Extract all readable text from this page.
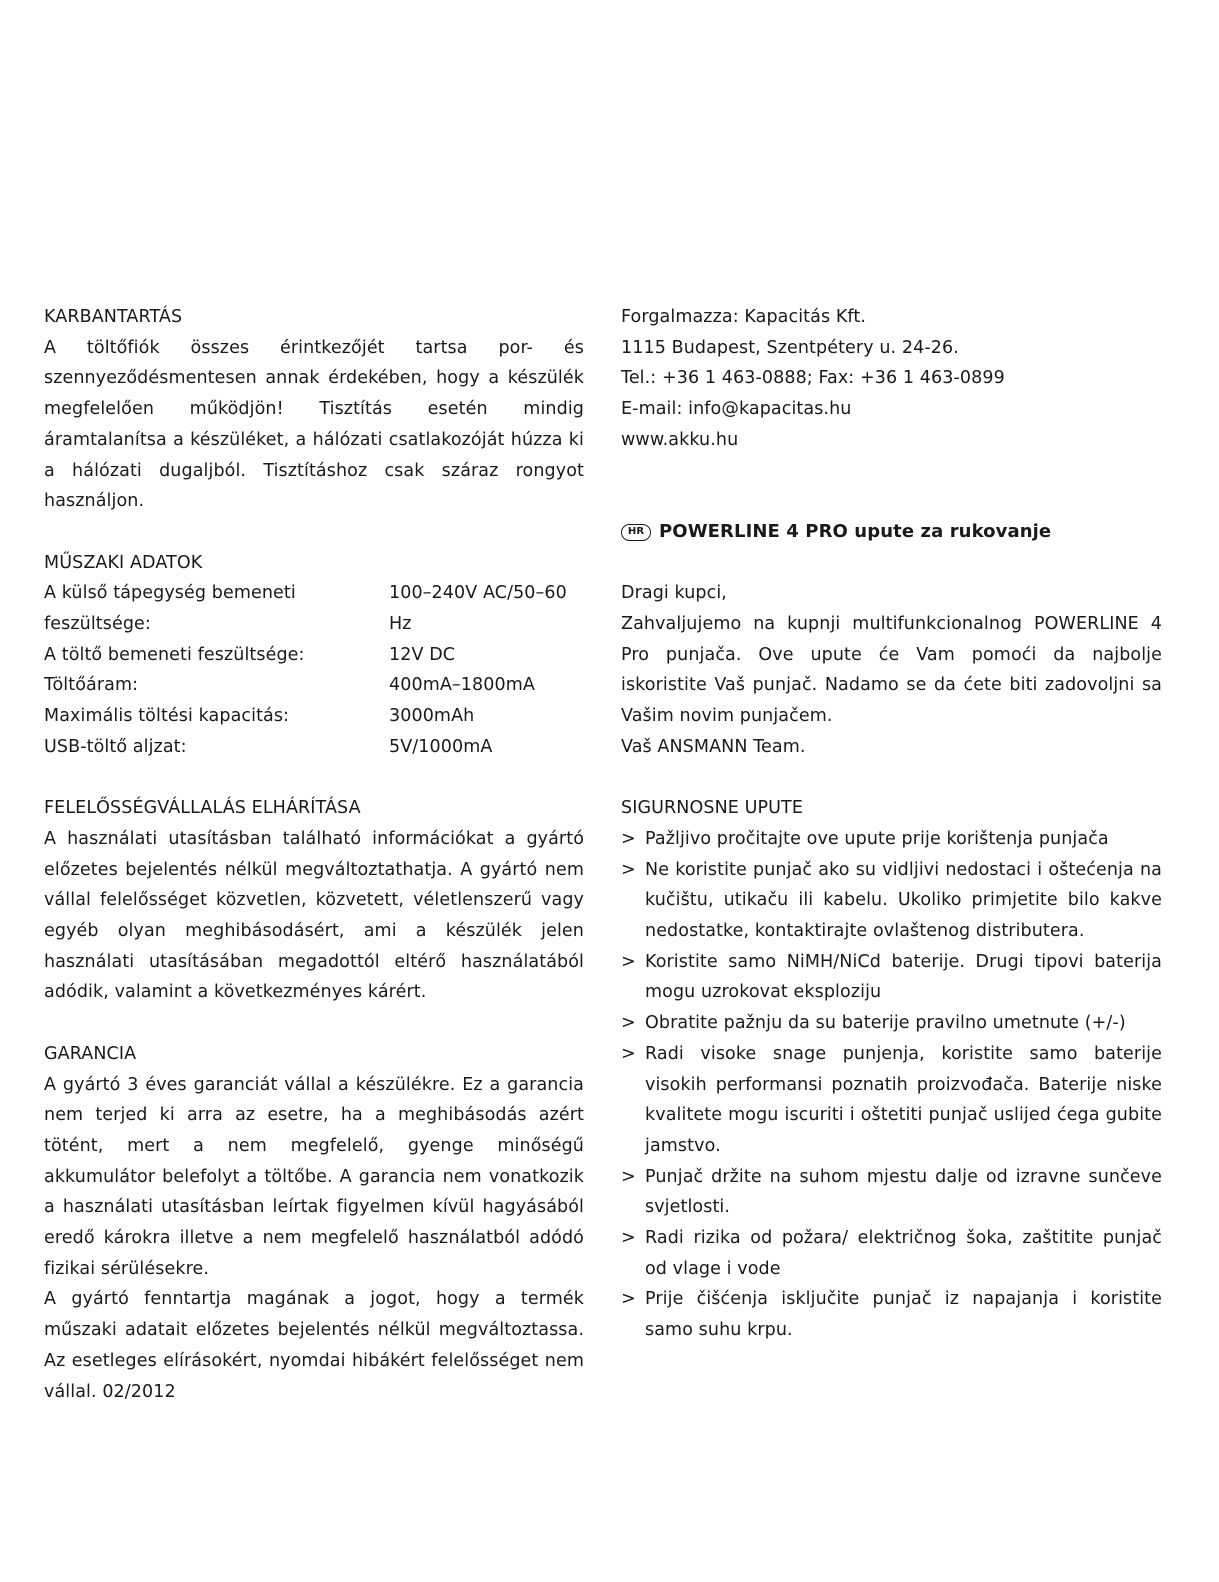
KARBANTARTÁS

A töltőfiók összes érintkezőjét tartsa por- és szennyeződésmentesen annak érdekében, hogy a készülék megfelelően működjön! Tisztítás esetén mindig áramtalanítsa a készüléket, a hálózati csatlakozóját húzza ki a hálózati dugaljból. Tisztításhoz csak száraz rongyot használjon.

MŰSZAKI ADATOK
A külső tápegység bemeneti feszültsége:
100–240V AC/50–60 Hz
A töltő bemeneti feszültsége:	12V DC
Töltőáram:	400mA–1800mA
Maximális töltési kapacitás:	3000mAh
USB-töltő aljzat:	5V/1000mA
FELELŐSSÉGVÁLLALÁS ELHÁRÍTÁSA

A használati utasításban található információkat a gyártó előzetes bejelentés nélkül megváltoztathatja. A gyártó nem vállal felelősséget közvetlen, közvetett, véletlenszerű vagy egyéb olyan meghibásodásért, ami a készülék jelen használati utasításában megadottól eltérő használatából adódik, valamint a következményes kárért.

GARANCIA

A gyártó 3 éves garanciát vállal a készülékre. Ez a garancia nem terjed ki arra az esetre, ha a meghibásodás azért tötént, mert a nem megfelelő, gyenge minőségű akkumulátor belefolyt a töltőbe. A garancia nem vonatkozik a használati utasításban leírtak figyelmen kívül hagyásából eredő károkra illetve a nem megfelelő használatból adódó fizikai sérülésekre.

A gyártó fenntartja magának a jogot, hogy a termék műszaki adatait előzetes bejelentés nélkül megváltoztassa. Az esetleges elírásokért, nyomdai hibákért felelősséget nem vállal. 02/2012

Forgalmazza: Kapacitás Kft.

1115 Budapest, Szentpétery u. 24-26.

Tel.: +36 1 463-0888; Fax: +36 1 463-0899

E-mail: info@kapacitas.hu

www.akku.hu

HR POWERLINE 4 PRO upute za rukovanje

Dragi kupci,

Zahvaljujemo na kupnji multifunkcionalnog POWERLINE 4 Pro punjača. Ove upute će Vam pomoći da najbolje iskoristite Vaš punjač. Nadamo se da ćete biti zadovoljni sa Vašim novim punjačem.

Vaš ANSMANN Team.

SIGURNOSNE UPUTE
> Pažljivo pročitajte ove upute prije korištenja punjača
> Ne koristite punjač ako su vidljivi nedostaci i oštećenja na kučištu, utikaču ili kabelu. Ukoliko primjetite bilo kakve nedostatke, kontaktirajte ovlaštenog distributera.
> Koristite samo NiMH/NiCd baterije. Drugi tipovi baterija mogu uzrokovat eksploziju
> Obratite pažnju da su baterije pravilno umetnute (+/-)
> Radi visoke snage punjenja, koristite samo baterije visokih performansi poznatih proizvođača. Baterije niske kvalitete mogu iscuriti i oštetiti punjač uslijed ćega gubite jamstvo.
> Punjač držite na suhom mjestu dalje od izravne sunčeve svjetlosti.
> Radi rizika od požara/ električnog šoka, zaštitite punjač od vlage i vode
> Prije čišćenja isključite punjač iz napajanja i koristite samo suhu krpu.
